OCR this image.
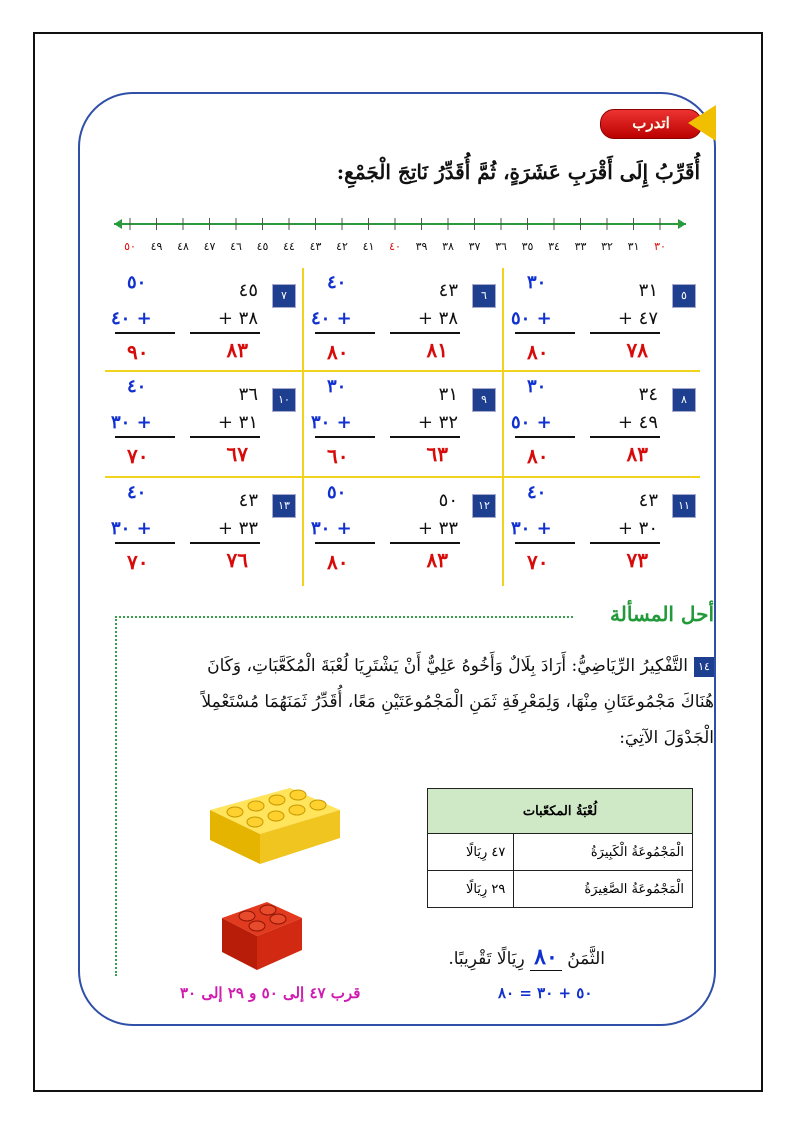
اتدرب
أُقَرِّبُ إِلَى أَقْرَبِ عَشَرَةٍ، ثُمَّ أُقَدِّرُ نَاتِجَ الْجَمْعِ:
٣٠
٣١
٣٢
٣٣
٣٤
٣٥
٣٦
٣٧
٣٨
٣٩
٤٠
٤١
٤٢
٤٣
٤٤
٤٥
٤٦
٤٧
٤٨
٤٩
٥٠
٥
٣١
+ ٤٧
٧٨
٣٠
+ ٥٠
٨٠
٦
٤٣
+ ٣٨
٨١
٤٠
+ ٤٠
٨٠
٧
٤٥
+ ٣٨
٨٣
٥٠
+ ٤٠
٩٠
٨
٣٤
+ ٤٩
٨٣
٣٠
+ ٥٠
٨٠
٩
٣١
+ ٣٢
٦٣
٣٠
+ ٣٠
٦٠
١٠
٣٦
+ ٣١
٦٧
٤٠
+ ٣٠
٧٠
١١
٤٣
+ ٣٠
٧٣
٤٠
+ ٣٠
٧٠
١٢
٥٠
+ ٣٣
٨٣
٥٠
+ ٣٠
٨٠
١٣
٤٣
+ ٣٣
٧٦
٤٠
+ ٣٠
٧٠
أحل المسألة
١٤التَّفْكِيرُ الرِّيَاضِيُّ: أَرَادَ بِلَالٌ وَأَخُوهُ عَلِيٌّ أَنْ يَشْتَرِيَا لُعْبَةَ الْمُكَعَّبَاتِ، وَكَانَ
هُنَاكَ مَجْمُوعَتَانِ مِنْهَا، وَلِمَعْرِفَةِ ثَمَنِ الْمَجْمُوعَتَيْنِ مَعًا، أُقَدِّرُ ثَمَنَهُمَا مُسْتَعْمِلاً
الْجَدْوَلَ الآتِيَ:
لُعْبَةُ المكعّبات	
الْمَجْمُوعَةُ الْكَبِيرَةُ	٤٧ رِيَالًا
الْمَجْمُوعَةُ الصَّغِيرَةُ	٢٩ رِيَالًا
الثَّمَنُ ٨٠ رِيَالًا تَقْرِيبًا.
قرب ٤٧ إلى ٥٠ و ٢٩ إلى ٣٠	٥٠ + ٣٠ = ٨٠
